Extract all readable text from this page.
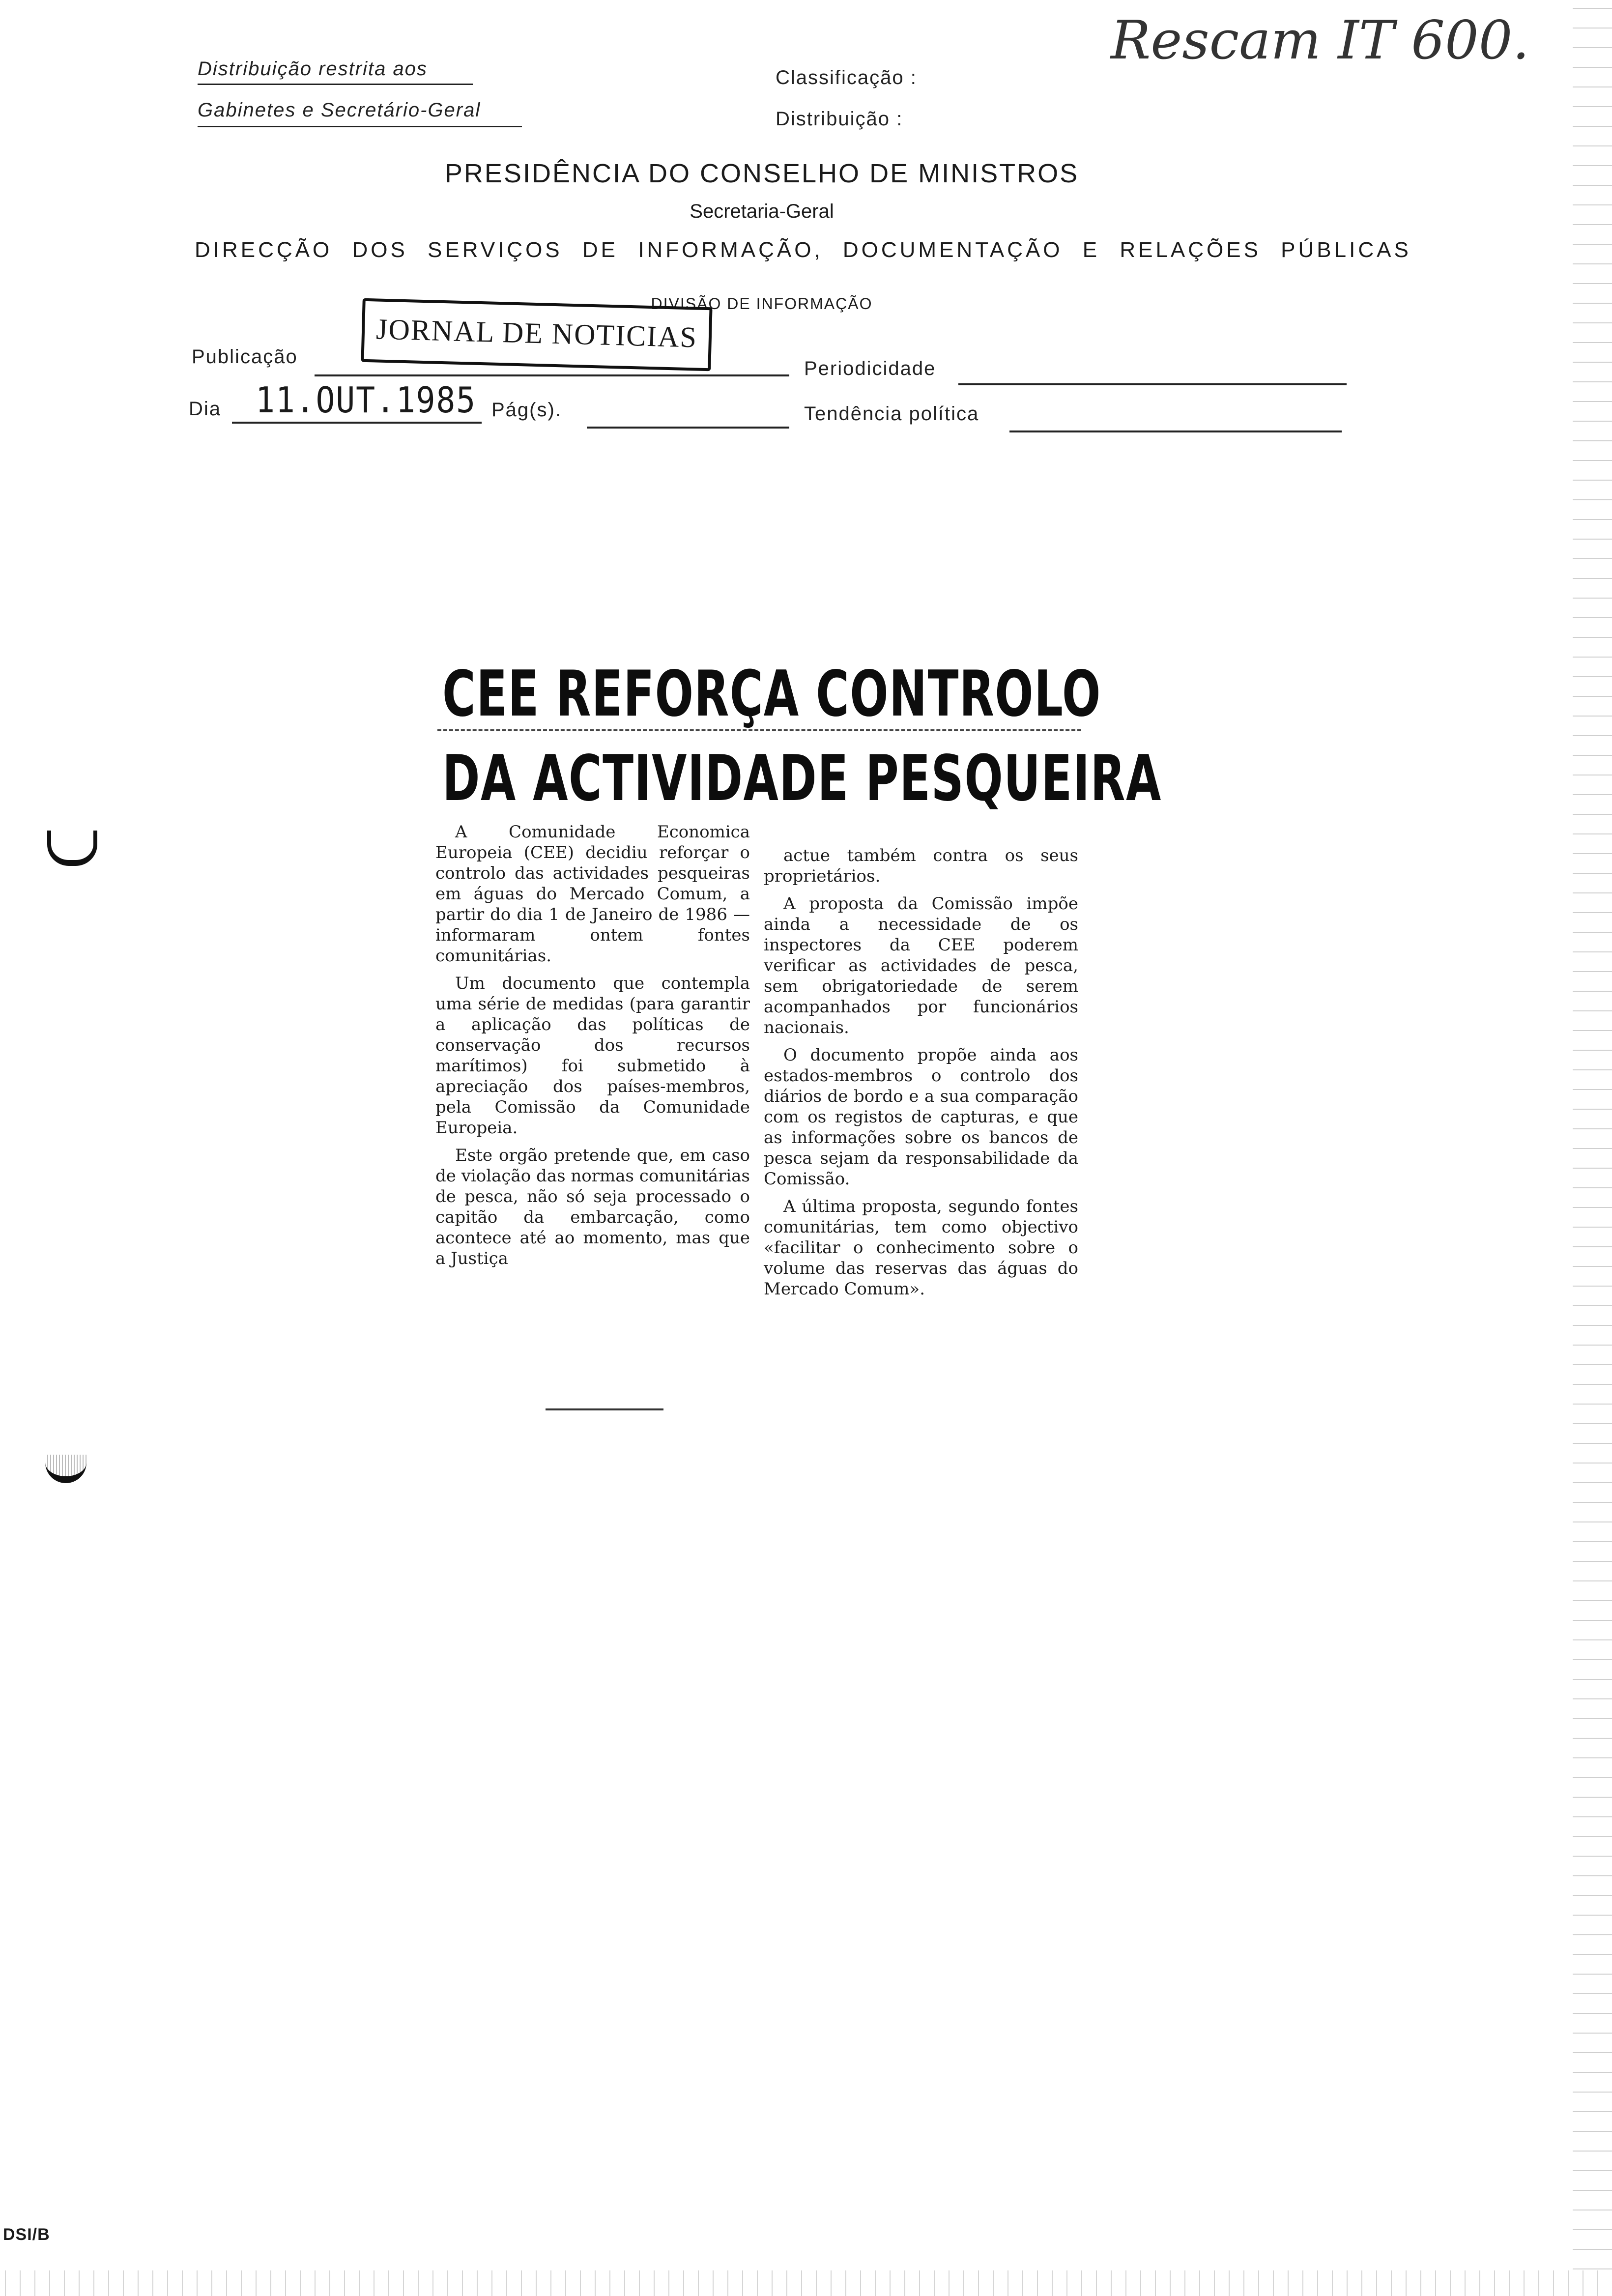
Distribuição restrita aos
Gabinetes e Secretário-Geral
Classificação :
Distribuição :
Rescam IT 600.
PRESIDÊNCIA DO CONSELHO DE MINISTROS
Secretaria-Geral
DIRECÇÃO DOS SERVIÇOS DE INFORMAÇÃO, DOCUMENTAÇÃO E RELAÇÕES PÚBLICAS
DIVISÃO DE INFORMAÇÃO
Publicação
JORNAL DE NOTICIAS
Periodicidade
Dia 11.OUT.1985 Pág(s).	Tendência política
CEE REFORÇA CONTROLO
DA ACTIVIDADE PESQUEIRA

A Comunidade Economica Europeia (CEE) decidiu reforçar o controlo das actividades pesqueiras em águas do Mercado Comum, a partir do dia 1 de Janeiro de 1986 — informaram ontem fontes comunitárias.

Um documento que contempla uma série de medidas (para garantir a aplicação das políticas de conservação dos recursos marítimos) foi submetido à apreciação dos países-membros, pela Comissão da Comunidade Europeia.

Este orgão pretende que, em caso de violação das normas comunitárias de pesca, não só seja processado o capitão da embarcação, como acontece até ao momento, mas que a Justiça

actue também contra os seus proprietários.

A proposta da Comissão impõe ainda a necessidade de os inspectores da CEE poderem verificar as actividades de pesca, sem obrigatoriedade de serem acompanhados por funcionários nacionais.

O documento propõe ainda aos estados-membros o controlo dos diários de bordo e a sua comparação com os registos de capturas, e que as informações sobre os bancos de pesca sejam da responsabilidade da Comissão.

A última proposta, segundo fontes comunitárias, tem como objectivo «facilitar o conhecimento sobre o volume das reservas das águas do Mercado Comum».

DSI/B
